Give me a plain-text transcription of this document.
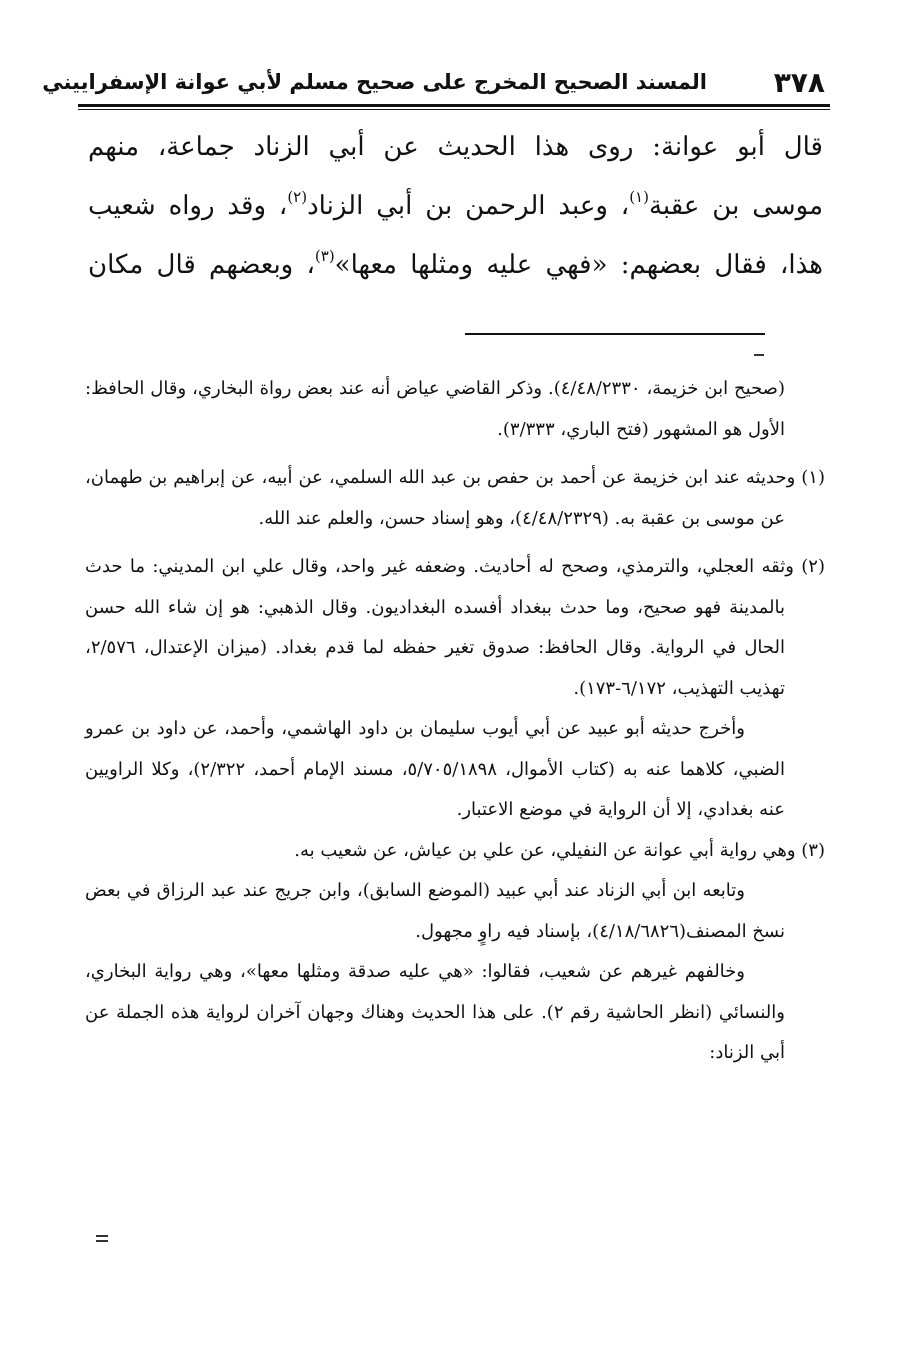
٣٧٨
المسند الصحيح المخرج على صحيح مسلم لأبي عوانة الإسفراييني

قال أبو عوانة: روى هذا الحديث عن أبي الزناد جماعة، منهم

موسى بن عقبة$^{(١)}$، وعبد الرحمن بن أبي الزناد$^{(٢)}$، وقد رواه شعيب

هذا، فقال بعضهم: «فهي عليه ومثلها معها»$^{(٣)}$، وبعضهم قال مكان

(صحيح ابن خزيمة، ٤/٤٨/٢٣٣٠). وذكر القاضي عياض أنه عند بعض رواة البخاري، وقال الحافظ: الأول هو المشهور (فتح الباري، ٣/٣٣٣).

(١) وحديثه عند ابن خزيمة عن أحمد بن حفص بن عبد الله السلمي، عن أبيه، عن إبراهيم بن طهمان، عن موسى بن عقبة به. (٤/٤٨/٢٣٢٩)، وهو إسناد حسن، والعلم عند الله.

(٢) وثقه العجلي، والترمذي، وصحح له أحاديث. وضعفه غير واحد، وقال علي ابن المديني: ما حدث بالمدينة فهو صحيح، وما حدث ببغداد أفسده البغداديون. وقال الذهبي: هو إن شاء الله حسن الحال في الرواية. وقال الحافظ: صدوق تغير حفظه لما قدم بغداد. (ميزان الإعتدال، ٢/٥٧٦، تهذيب التهذيب، ٦/١٧٢-١٧٣).

وأخرج حديثه أبو عبيد عن أبي أيوب سليمان بن داود الهاشمي، وأحمد، عن داود بن عمرو الضبي، كلاهما عنه به (كتاب الأموال، ٥/٧٠٥/١٨٩٨، مسند الإمام أحمد، ٢/٣٢٢)، وكلا الراويين عنه بغدادي، إلا أن الرواية في موضع الاعتبار.

(٣) وهي رواية أبي عوانة عن النفيلي، عن علي بن عياش، عن شعيب به.

وتابعه ابن أبي الزناد عند أبي عبيد (الموضع السابق)، وابن جريج عند عبد الرزاق في بعض نسخ المصنف(٤/١٨/٦٨٢٦)، بإسناد فيه راوٍ مجهول.

وخالفهم غيرهم عن شعيب، فقالوا: «هي عليه صدقة ومثلها معها»، وهي رواية البخاري، والنسائي (انظر الحاشية رقم ٢). على هذا الحديث وهناك وجهان آخران لرواية هذه الجملة عن أبي الزناد:
